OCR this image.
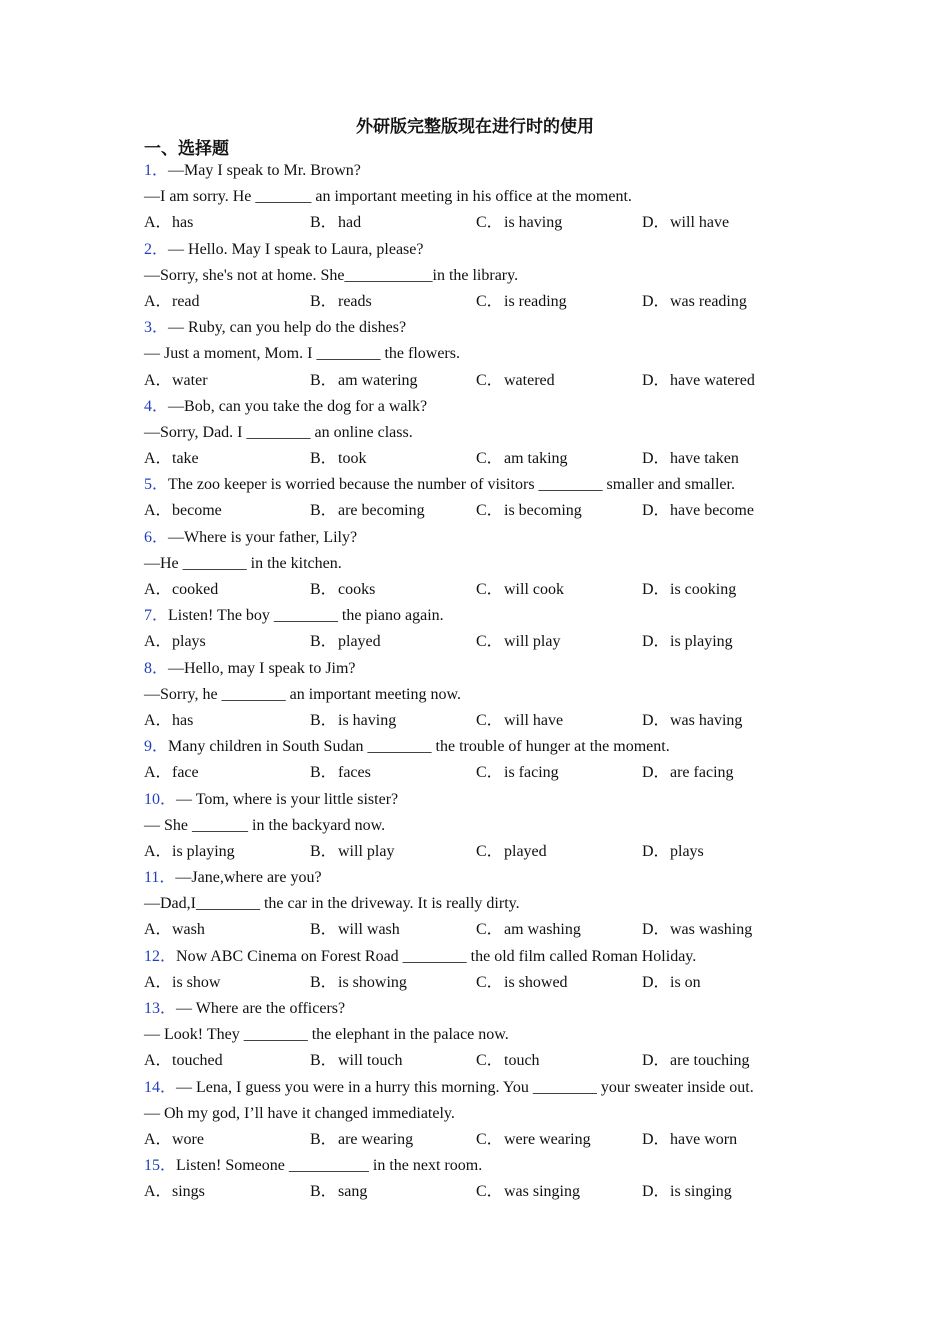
外研版完整版现在进行时的使用
一、选择题
1．—May I speak to Mr. Brown?
—I am sorry. He _______ an important meeting in his office at the moment.
A．has	B．had	C．is having	D．will have
2．— Hello. May I speak to Laura, please?
—Sorry, she's not at home. She___________in the library.
A．read	B．reads	C．is reading	D．was reading
3．— Ruby, can you help do the dishes?
— Just a moment, Mom. I ________ the flowers.
A．water	B．am watering	C．watered	D．have watered
4．—Bob, can you take the dog for a walk?
—Sorry, Dad. I ________ an online class.
A．take	B．took	C．am taking	D．have taken
5．The zoo keeper is worried because the number of visitors ________ smaller and smaller.
A．become	B．are becoming	C．is becoming	D．have become
6．—Where is your father, Lily?
—He ________ in the kitchen.
A．cooked	B．cooks	C．will cook	D．is cooking
7．Listen! The boy ________ the piano again.
A．plays	B．played	C．will play	D．is playing
8．—Hello, may I speak to Jim?
—Sorry, he ________ an important meeting now.
A．has	B．is having	C．will have	D．was having
9．Many children in South Sudan ________ the trouble of hunger at the moment.
A．face	B．faces	C．is facing	D．are facing
10．— Tom, where is your little sister?
— She _______ in the backyard now.
A．is playing	B．will play	C．played	D．plays
11．—Jane,where are you?
—Dad,I________ the car in the driveway. It is really dirty.
A．wash	B．will wash	C．am washing	D．was washing
12．Now ABC Cinema on Forest Road ________ the old film called Roman Holiday.
A．is show	B．is showing	C．is showed	D．is on
13．— Where are the officers?
— Look! They ________ the elephant in the palace now.
A．touched	B．will touch	C．touch	D．are touching
14．— Lena, I guess you were in a hurry this morning. You ________ your sweater inside out.
— Oh my god, I’ll have it changed immediately.
A．wore	B．are wearing	C．were wearing	D．have worn
15．Listen! Someone __________ in the next room.
A．sings	B．sang	C．was singing	D．is singing
